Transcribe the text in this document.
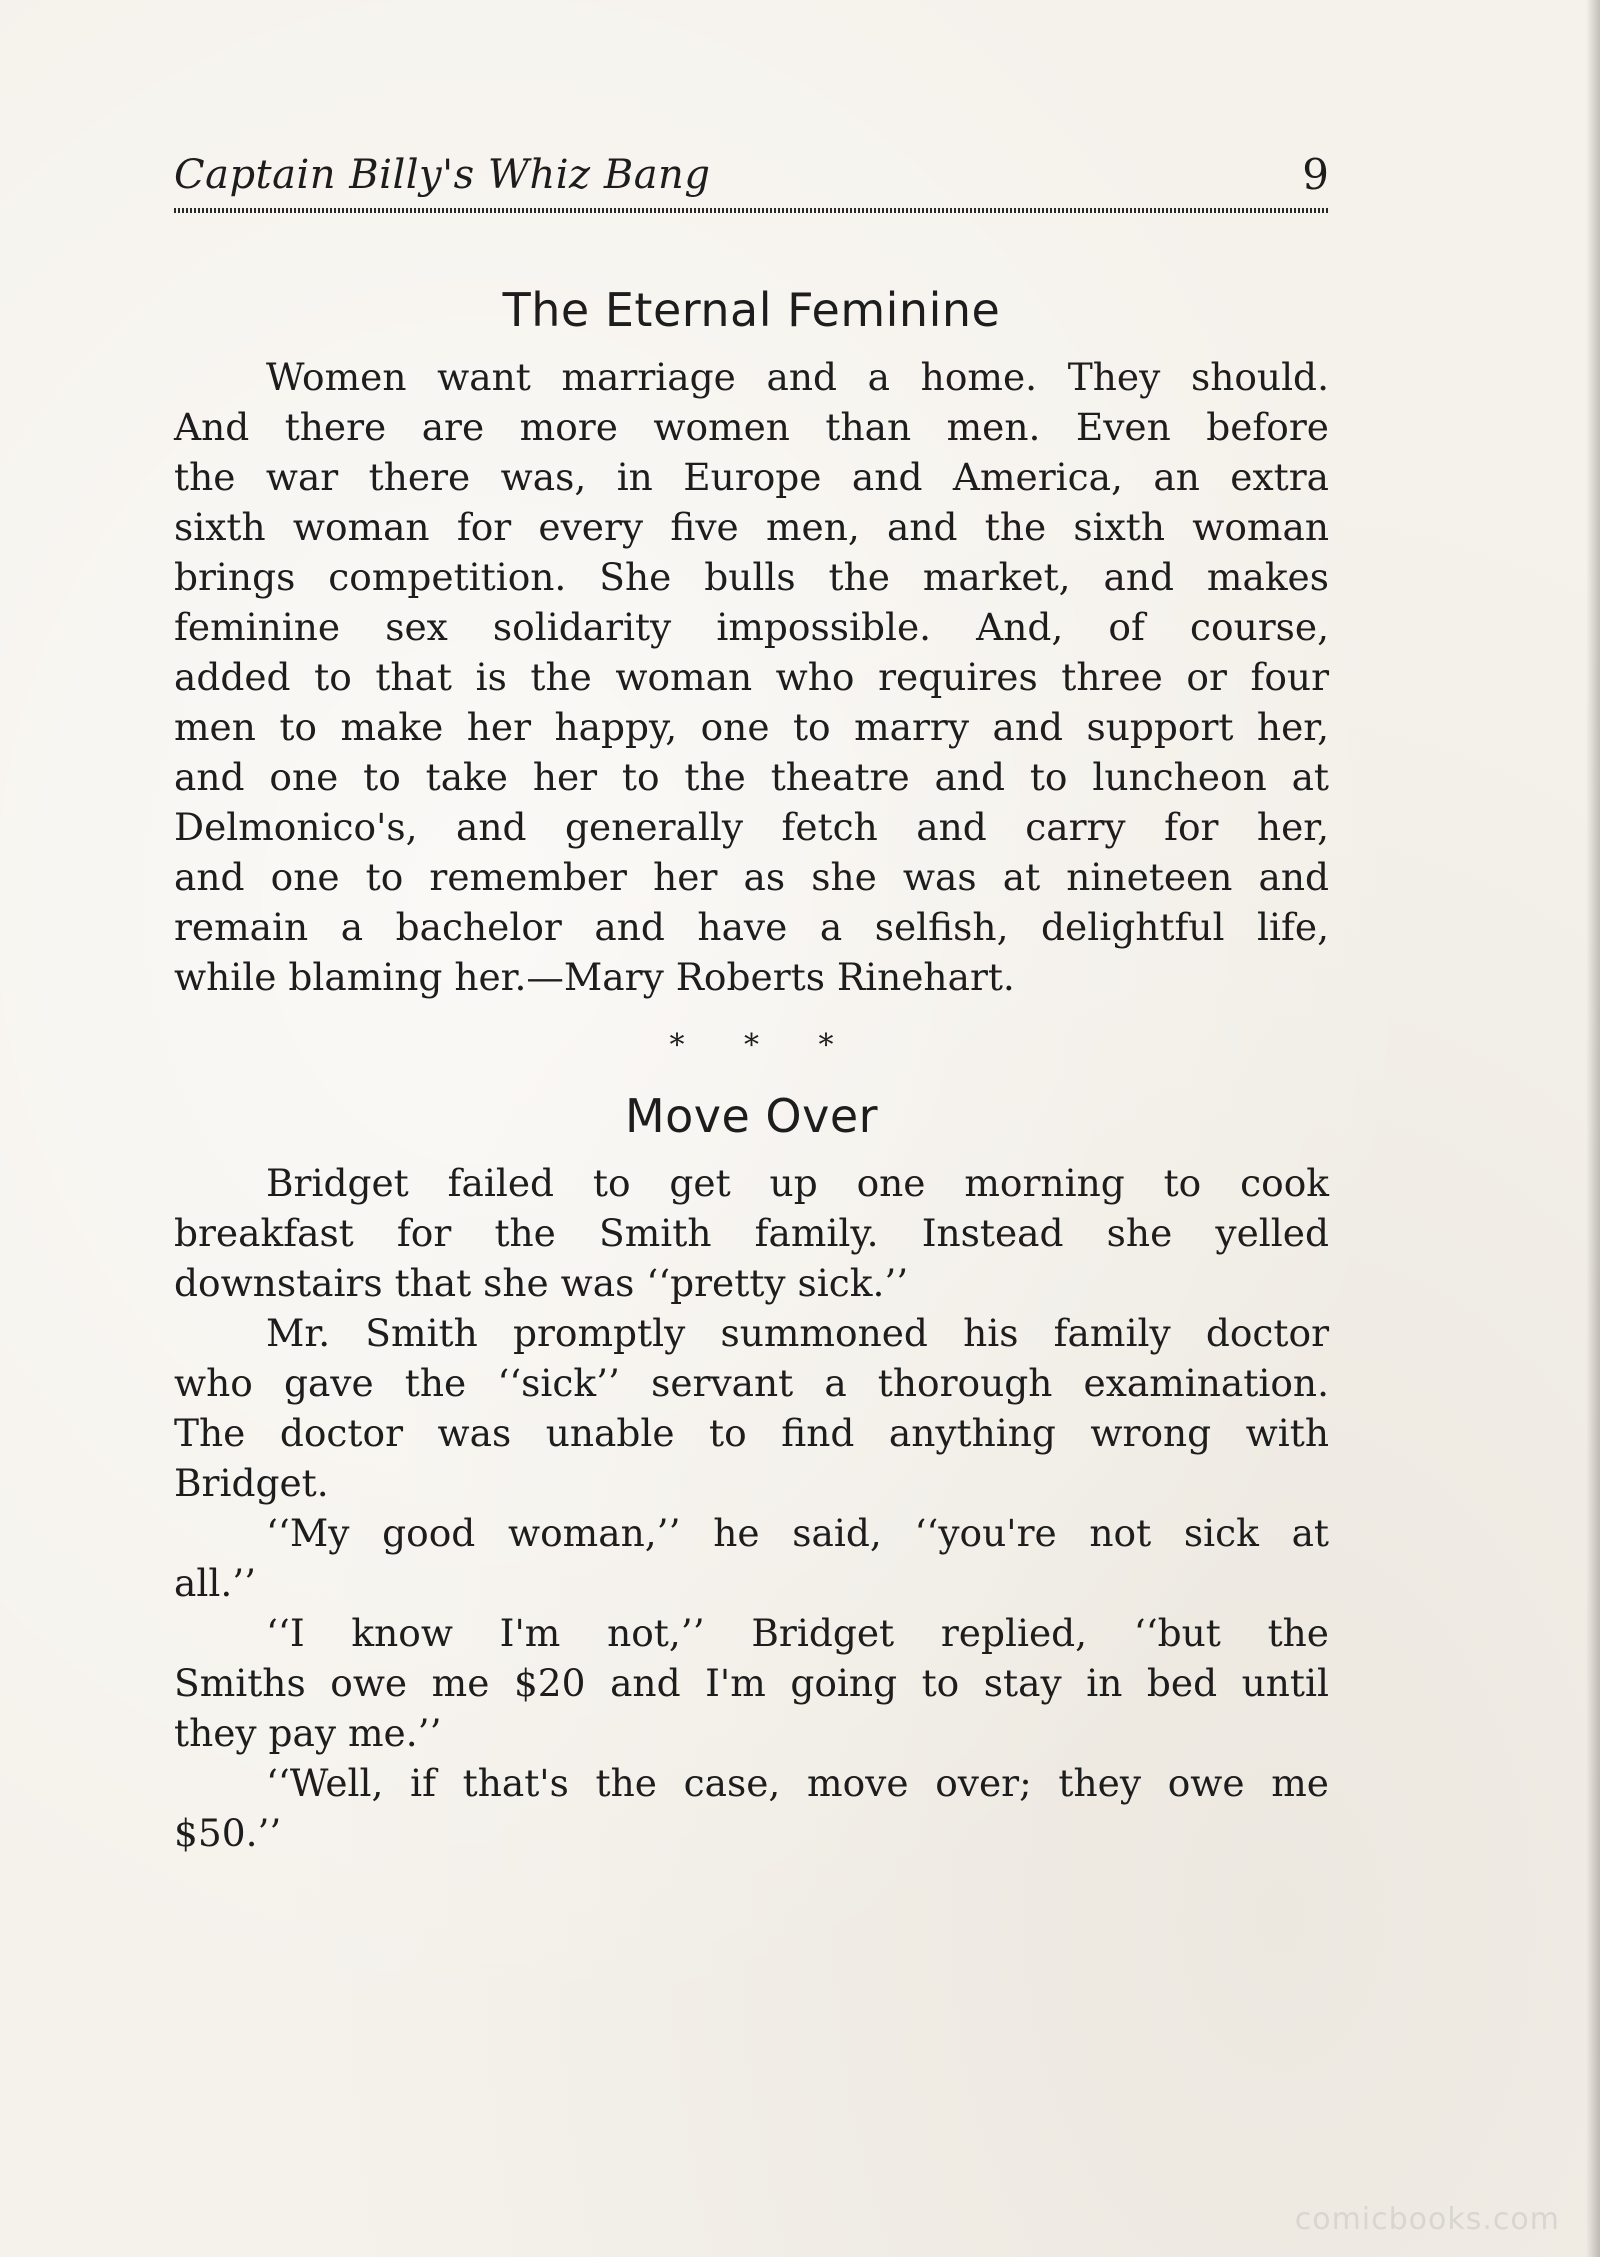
Captain Billy's Whiz Bang	9
The Eternal Feminine
Women want marriage and a home. They should.
And there are more women than men. Even before
the war there was, in Europe and America, an extra
sixth woman for every five men, and the sixth woman
brings competition. She bulls the market, and makes
feminine sex solidarity impossible. And, of course,
added to that is the woman who requires three or four
men to make her happy, one to marry and support her,
and one to take her to the theatre and to luncheon at
Delmonico's, and generally fetch and carry for her,
and one to remember her as she was at nineteen and
remain a bachelor and have a selfish, delightful life,
while blaming her.—Mary Roberts Rinehart.
* * *
Move Over
Bridget failed to get up one morning to cook
breakfast for the Smith family. Instead she yelled
downstairs that she was ‘‘pretty sick.’’
Mr. Smith promptly summoned his family doctor
who gave the ‘‘sick’’ servant a thorough examination.
The doctor was unable to find anything wrong with
Bridget.
‘‘My good woman,’’ he said, ‘‘you're not sick at
all.’’
‘‘I know I'm not,’’ Bridget replied, ‘‘but the
Smiths owe me $20 and I'm going to stay in bed until
they pay me.’’
‘‘Well, if that's the case, move over; they owe me
$50.’’
comicbooks.com
